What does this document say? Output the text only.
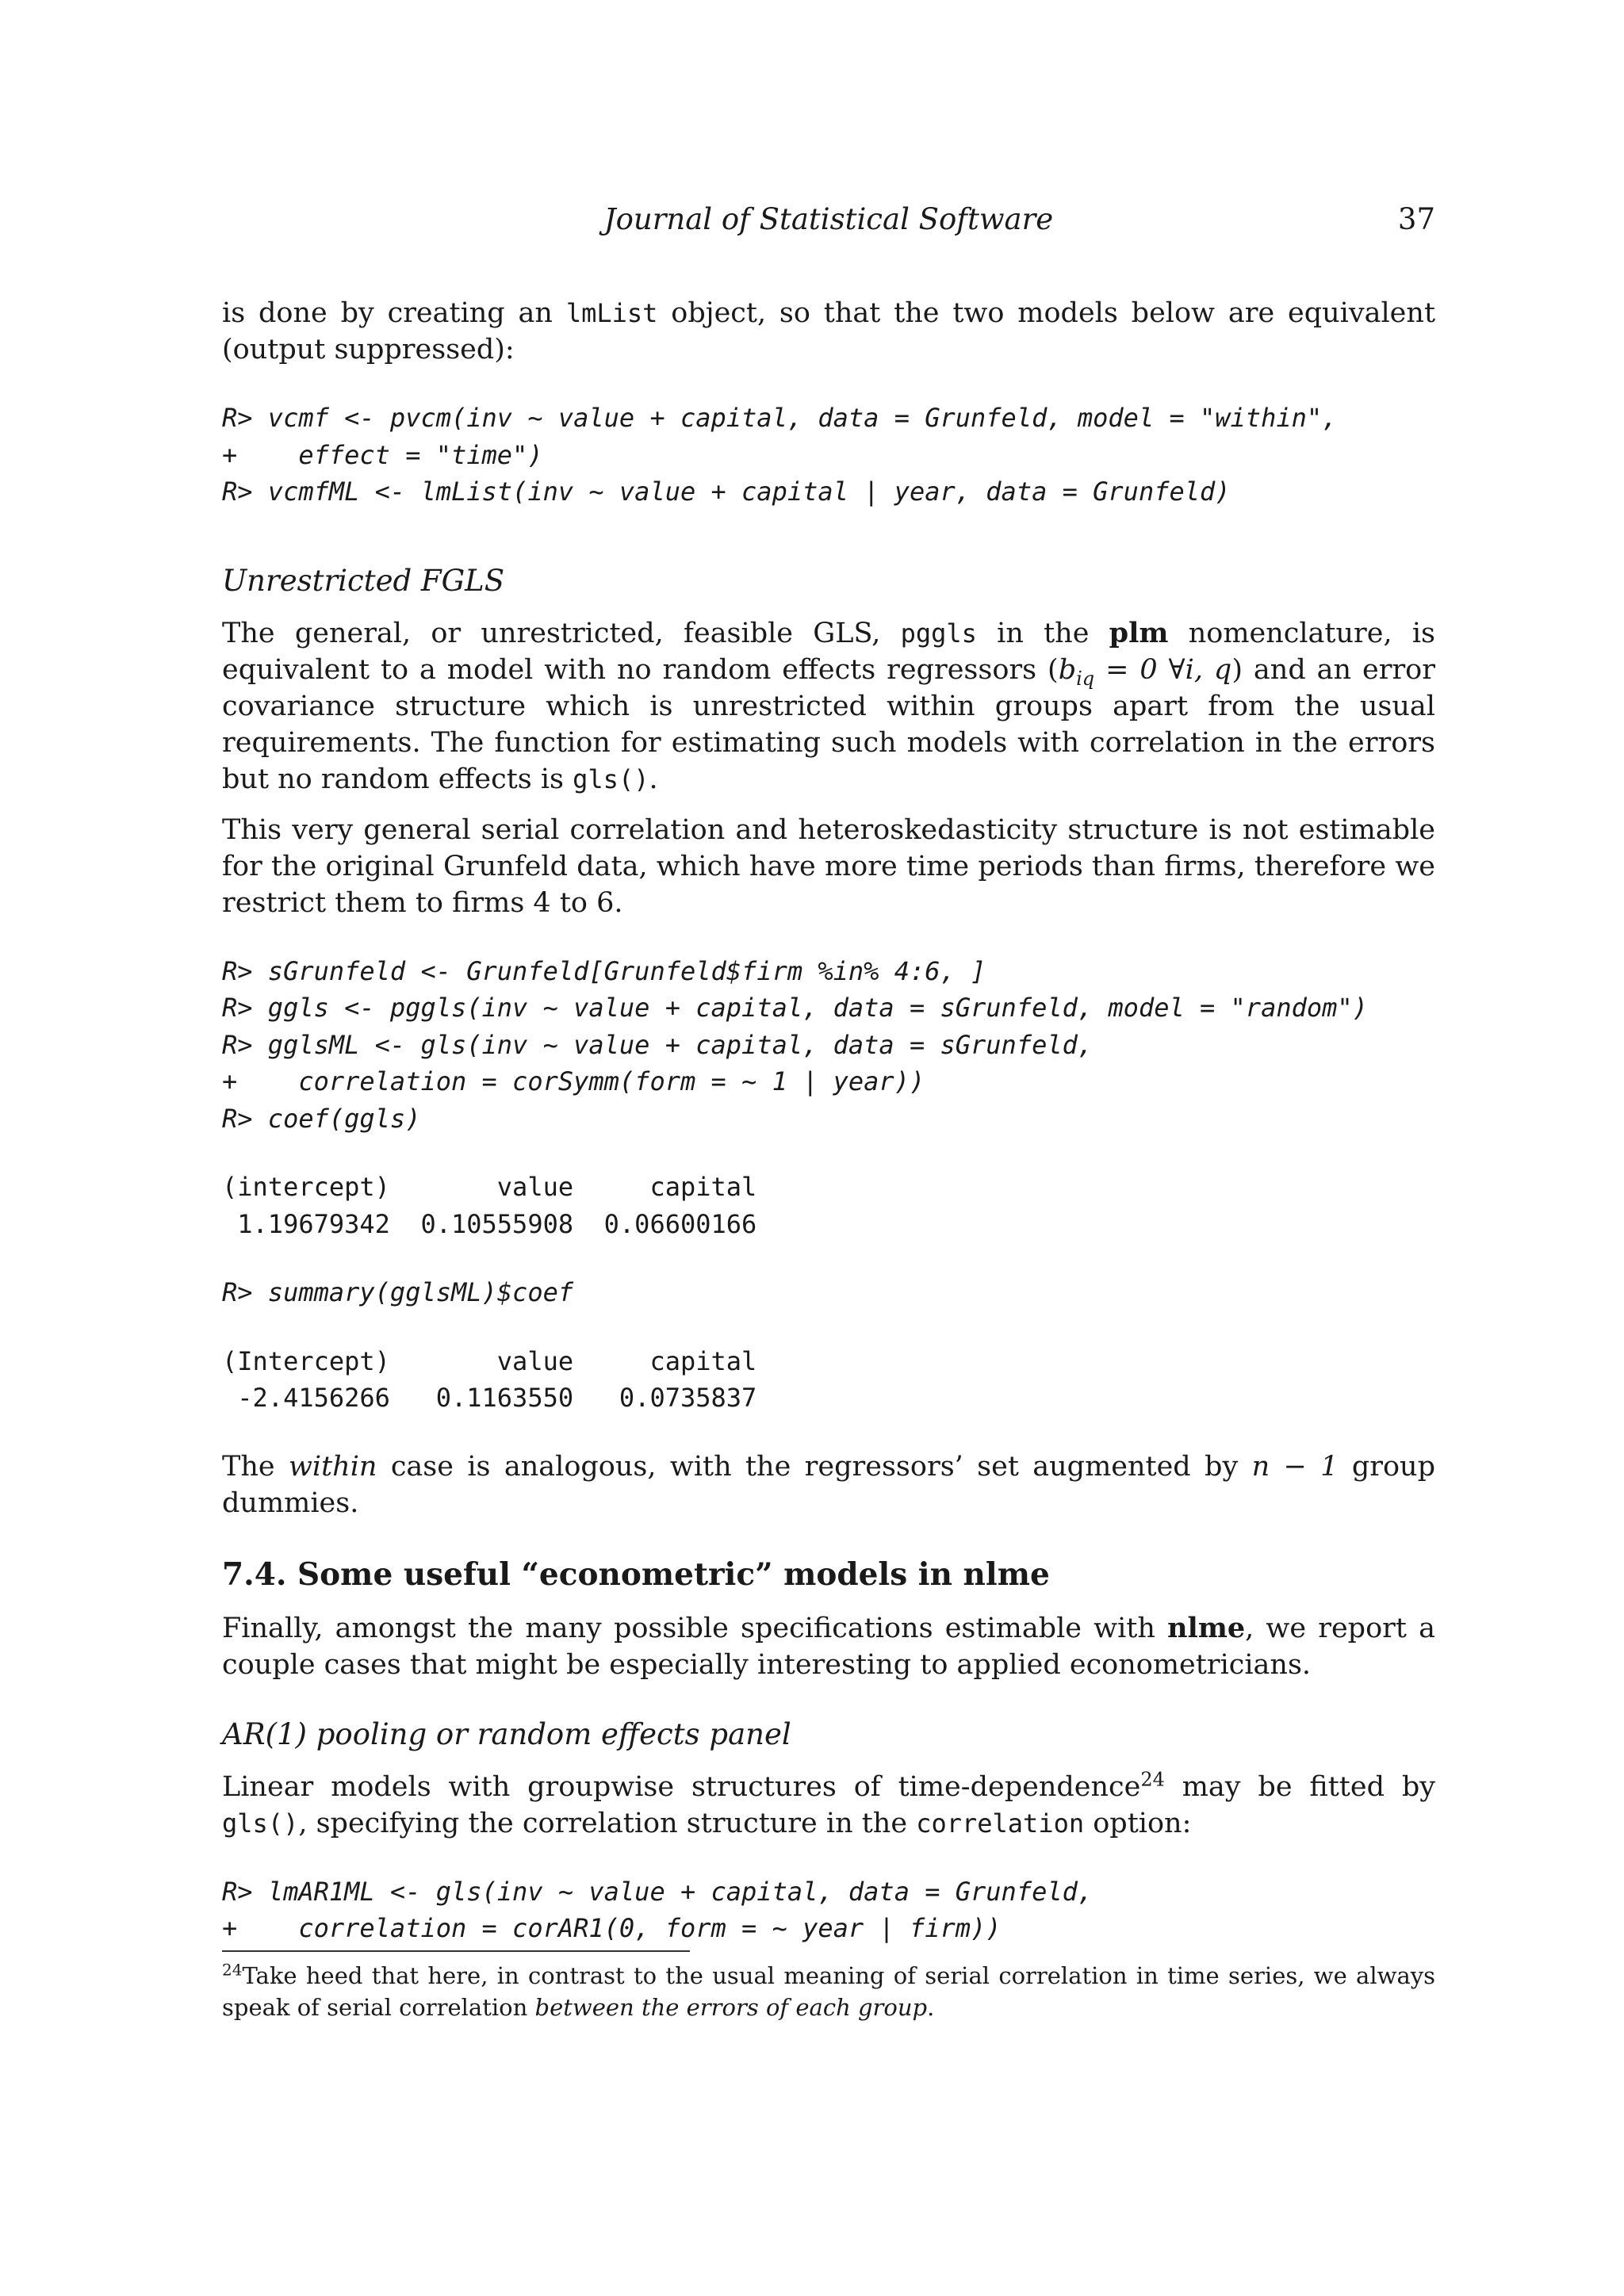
Journal of Statistical Software	37

is done by creating an lmList object, so that the two models below are equivalent (output suppressed):

R> vcmf <- pvcm(inv ~ value + capital, data = Grunfeld, model = "within",
+    effect = "time")
R> vcmfML <- lmList(inv ~ value + capital | year, data = Grunfeld)
Unrestricted FGLS

The general, or unrestricted, feasible GLS, pggls in the plm nomenclature, is equivalent to a model with no random effects regressors ($b_{iq} = 0$ ∀i, q) and an error covariance structure which is unrestricted within groups apart from the usual requirements. The function for estimating such models with correlation in the errors but no random effects is gls().

This very general serial correlation and heteroskedasticity structure is not estimable for the original Grunfeld data, which have more time periods than firms, therefore we restrict them to firms 4 to 6.

R> sGrunfeld <- Grunfeld[Grunfeld$firm %in% 4:6, ]
R> ggls <- pggls(inv ~ value + capital, data = sGrunfeld, model = "random")
R> gglsML <- gls(inv ~ value + capital, data = sGrunfeld,
+    correlation = corSymm(form = ~ 1 | year))
R> coef(ggls)
(intercept)       value     capital
1.19679342  0.10555908  0.06600166
R> summary(gglsML)$coef
(Intercept)       value     capital
-2.4156266   0.1163550   0.0735837

The within case is analogous, with the regressors’ set augmented by n − 1 group dummies.

7.4. Some useful “econometric” models in nlme

Finally, amongst the many possible specifications estimable with nlme, we report a couple cases that might be especially interesting to applied econometricians.

AR(1) pooling or random effects panel

Linear models with groupwise structures of time-dependence$^{24}$ may be fitted by gls(), specifying the correlation structure in the correlation option:

R> lmAR1ML <- gls(inv ~ value + capital, data = Grunfeld,
+    correlation = corAR1(0, form = ~ year | firm))

$^{24}$Take heed that here, in contrast to the usual meaning of serial correlation in time series, we always speak of serial correlation between the errors of each group.
